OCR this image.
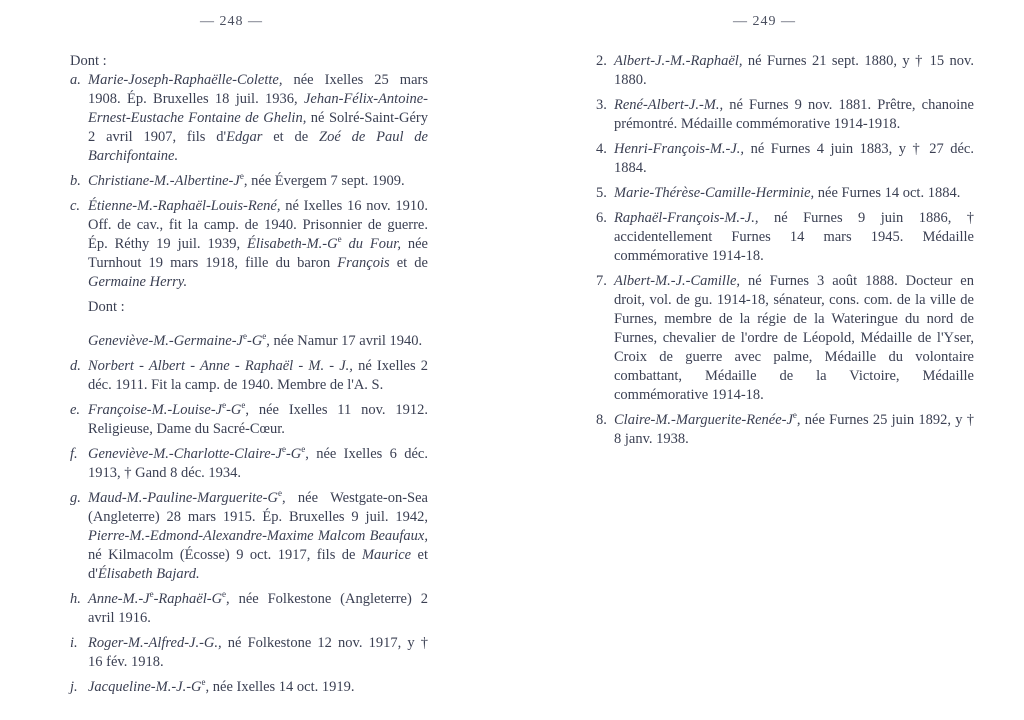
— 248 —

Dont :

a. Marie-Joseph-Raphaëlle-Colette, née Ixelles 25 mars 1908. Ép. Bruxelles 18 juil. 1936, Jehan-Félix-Antoine-Ernest-Eustache Fontaine de Ghelin, né Solré-Saint-Géry 2 avril 1907, fils d'Edgar et de Zoé de Paul de Barchifontaine.

b. Christiane-$M.-Albertine-J^e$, née Évergem 7 sept. 1909.

c. Étienne-M.-Raphaël-Louis-René, né Ixelles 16 nov. 1910. Off. de cav., fit la camp. de 1940. Prisonnier de guerre. Ép. Réthy 19 juil. 1939, Élisabeth-$M.-G^e$ du Four, née Turnhout 19 mars 1918, fille du baron François et de Germaine Herry.

Dont :

Geneviève-$M.-Germaine-J^e-G^e$, née Namur 17 avril 1940.

d. Norbert - Albert - Anne - Raphaël - M. - J., né Ixelles 2 déc. 1911. Fit la camp. de 1940. Membre de l'A. S.

e. Françoise-$M.-Louise-J^e-G^e$, née Ixelles 11 nov. 1912. Religieuse, Dame du Sacré-Cœur.

f. Geneviève-$M.-Charlotte-Claire-J^e-G^e$, née Ixelles 6 déc. 1913, † Gand 8 déc. 1934.

g. Maud-$M.-Pauline-Marguerite-G^e$, née Westgate-on-Sea (Angleterre) 28 mars 1915. Ép. Bruxelles 9 juil. 1942, Pierre-M.-Edmond-Alexandre-Maxime Malcom Beaufaux, né Kilmacolm (Écosse) 9 oct. 1917, fils de Maurice et d'Élisabeth Bajard.

h. Anne-$M.-J^e-Raphaël-G^e$, née Folkestone (Angleterre) 2 avril 1916.

i. Roger-M.-Alfred-J.-G., né Folkestone 12 nov. 1917, y † 16 fév. 1918.

j. Jacqueline-$M.-J.-G^e$, née Ixelles 14 oct. 1919.

— 249 —

2. Albert-J.-M.-Raphaël, né Furnes 21 sept. 1880, y † 15 nov. 1880.

3. René-Albert-J.-M., né Furnes 9 nov. 1881. Prêtre, chanoine prémontré. Médaille commémorative 1914-1918.

4. Henri-François-M.-J., né Furnes 4 juin 1883, y † 27 déc. 1884.

5. Marie-Thérèse-Camille-Herminie, née Furnes 14 oct. 1884.

6. Raphaël-François-M.-J., né Furnes 9 juin 1886, † accidentellement Furnes 14 mars 1945. Médaille commémorative 1914-18.

7. Albert-M.-J.-Camille, né Furnes 3 août 1888. Docteur en droit, vol. de gu. 1914-18, sénateur, cons. com. de la ville de Furnes, membre de la régie de la Wateringue du nord de Furnes, chevalier de l'ordre de Léopold, Médaille de l'Yser, Croix de guerre avec palme, Médaille du volontaire combattant, Médaille de la Victoire, Médaille commémorative 1914-18.

8. Claire-$M.-Marguerite-Renée-J^e$, née Furnes 25 juin 1892, y † 8 janv. 1938.
